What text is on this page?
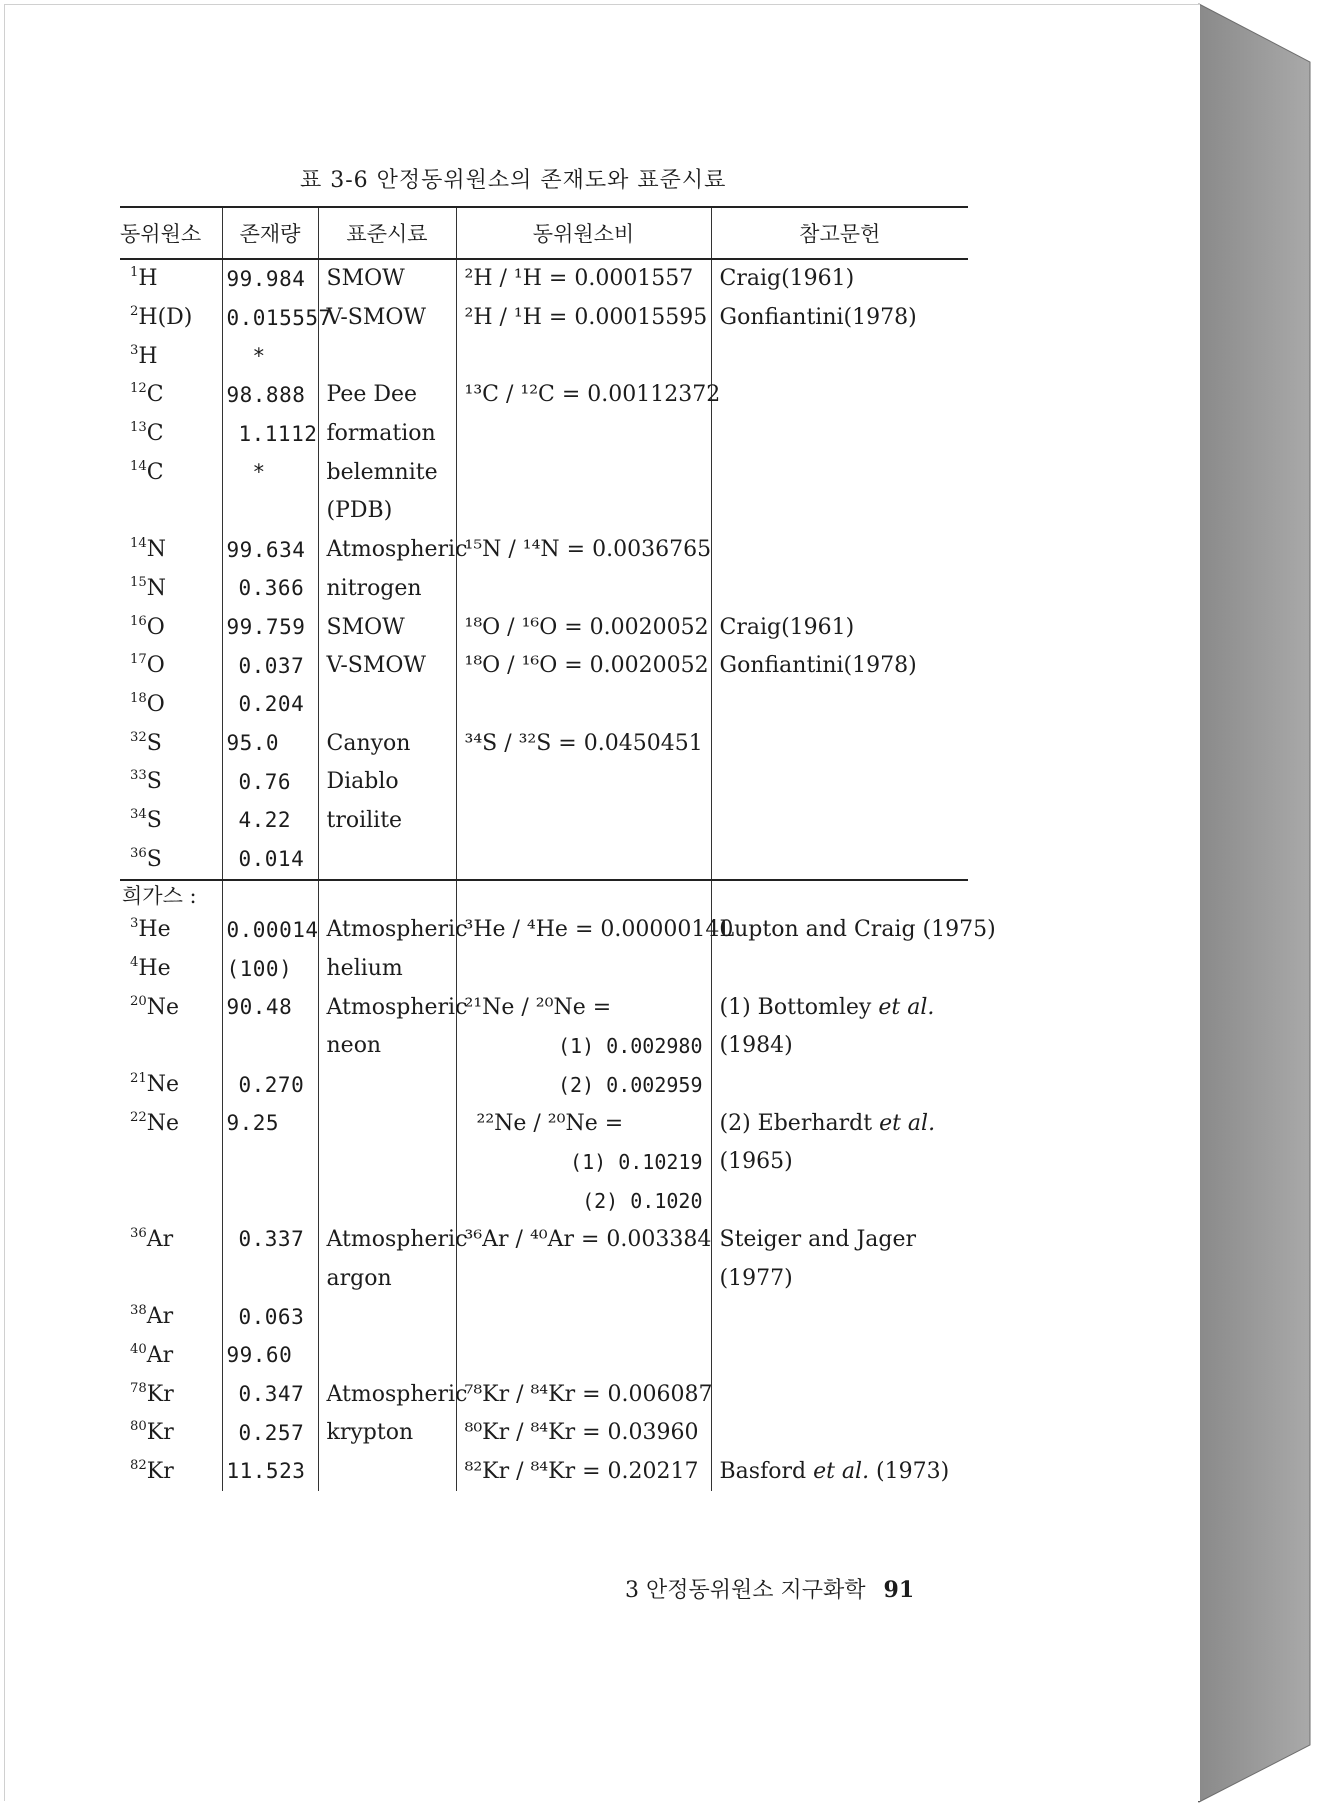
표 3-6 안정동위원소의 존재도와 표준시료
동위원소	존재량	표준시료	동위원소비	참고문헌
$^1$H	99.984	SMOW	²H / ¹H = 0.0001557	Craig(1961)
$^2$H(D)	0.015557	V-SMOW	²H / ¹H = 0.00015595	Gonfiantini(1978)
$^3$H	*			
$^{12}$C	98.888	Pee Dee	¹³C / ¹²C = 0.00112372	
$^{13}$C	1.1112	formation		
$^{14}$C	*	belemnite		
		(PDB)		
$^{14}$N	99.634	Atmospheric	¹⁵N / ¹⁴N = 0.0036765	
$^{15}$N	0.366	nitrogen		
$^{16}$O	99.759	SMOW	¹⁸O / ¹⁶O = 0.0020052	Craig(1961)
$^{17}$O	0.037	V-SMOW	¹⁸O / ¹⁶O = 0.0020052	Gonfiantini(1978)
$^{18}$O	0.204			
$^{32}$S	95.0	Canyon	³⁴S / ³²S = 0.0450451	
$^{33}$S	0.76	Diablo		
$^{34}$S	4.22	troilite		
$^{36}$S	0.014			
희가스 :				
$^3$He	0.00014	Atmospheric	³He / ⁴He = 0.00000140	Lupton and Craig (1975)
$^4$He	(100)	helium		
$^{20}$Ne	90.48	Atmospheric	²¹Ne / ²⁰Ne =	(1) Bottomley et al.
		neon	(1) 0.002980	(1984)
$^{21}$Ne	0.270		(2) 0.002959	
$^{22}$Ne	9.25		²²Ne / ²⁰Ne =	(2) Eberhardt et al.
			(1) 0.10219	(1965)
			(2) 0.1020	
$^{36}$Ar	0.337	Atmospheric	³⁶Ar / ⁴⁰Ar = 0.003384	Steiger and Jager
		argon		(1977)
$^{38}$Ar	0.063			
$^{40}$Ar	99.60			
$^{78}$Kr	0.347	Atmospheric	⁷⁸Kr / ⁸⁴Kr = 0.006087	
$^{80}$Kr	0.257	krypton	⁸⁰Kr / ⁸⁴Kr = 0.03960	
$^{82}$Kr	11.523		⁸²Kr / ⁸⁴Kr = 0.20217	Basford et al. (1973)
3 안정동위원소 지구화학 91
